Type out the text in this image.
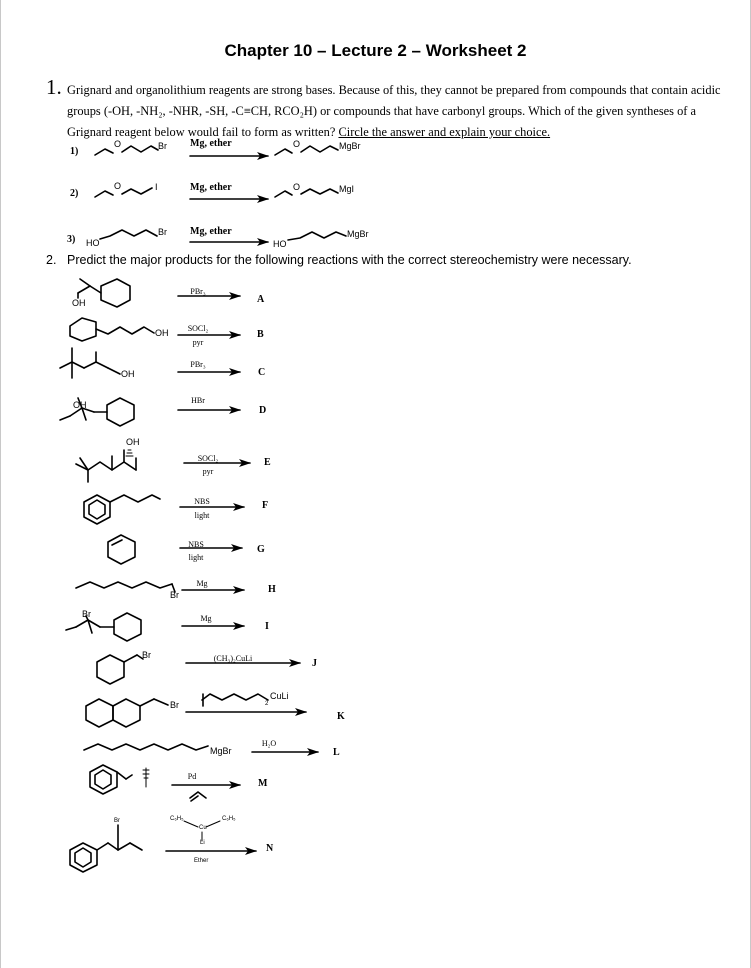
Chapter 10 – Lecture 2 – Worksheet 2
1. Grignard and organolithium reagents are strong bases. Because of this, they cannot be prepared from compounds that contain acidic groups (-OH, -NH₂, -NHR, -SH, -C≡CH, RCO₂H) or compounds that have carbonyl groups. Which of the given syntheses of a Grignard reagent below would fail to form as written? Circle the answer and explain your choice.
1)
O	Br Mg, ether	O	MgBr
2)
O	I	Mg, ether	O	MgI
3) HO
Br Mg, ether
HO
MgBr
2. Predict the major products for the following reactions with the correct stereochemistry were necessary.
OH
PBr₃
A
OH	SOCl₂
pyr
B
OH
PBr₃
C
OH	HBr
D
OH
SOCl₂
pyr
E
NBS
light
F
NBS
light
G
Br
Mg
H
Br	Mg
I
Br	(CH₃)₂CuLi	J
Br
CuLi
2
K
MgBr
H₂O
L
Pd
M
Br	C₆H₅	C₆H₅
Cu
Li
Ether
N
